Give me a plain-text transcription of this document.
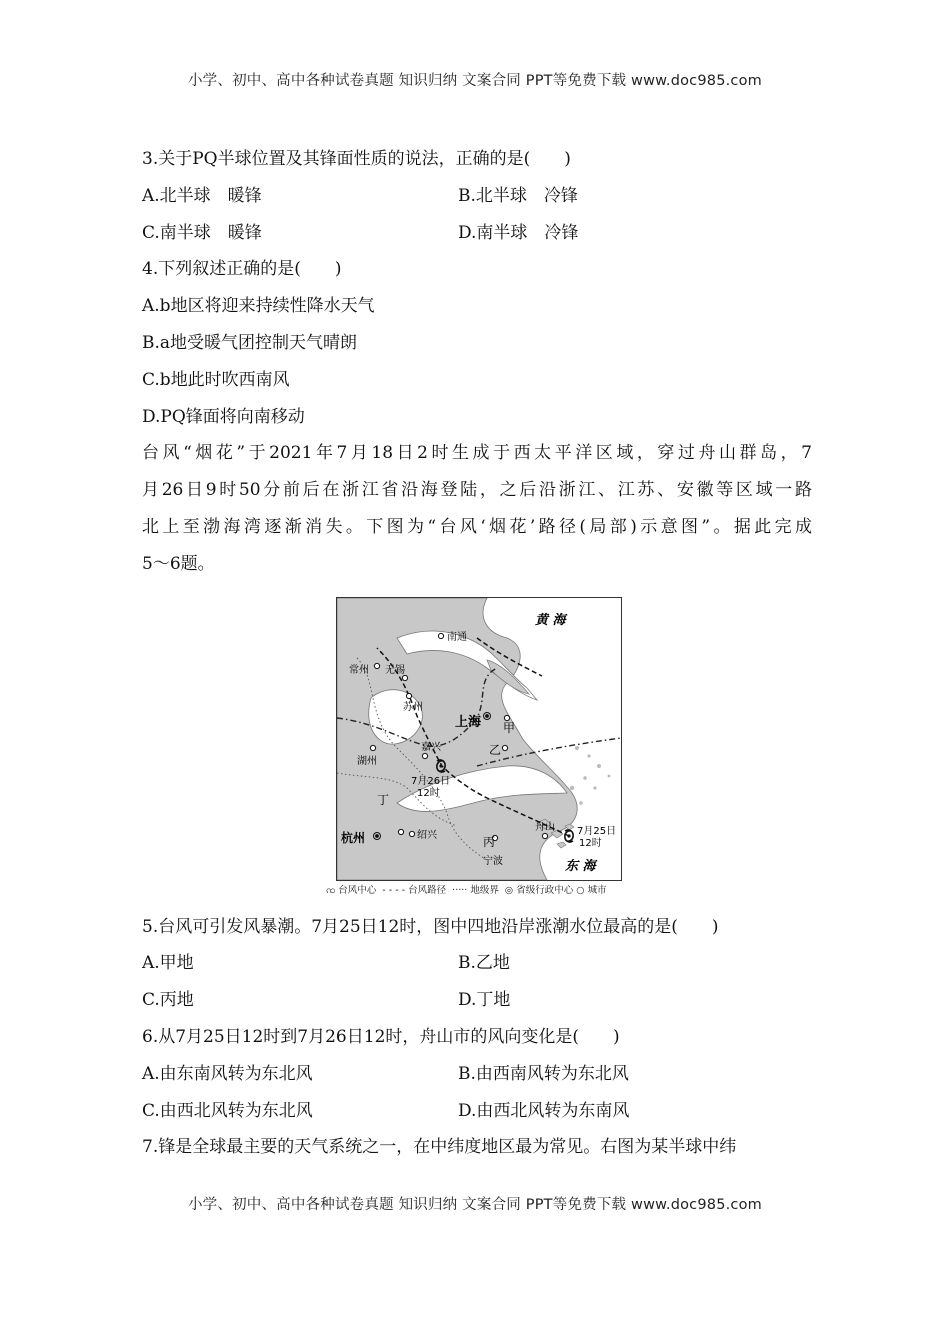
小学、初中、高中各种试卷真题 知识归纳 文案合同 PPT等免费下载 www.doc985.com
3.关于PQ半球位置及其锋面性质的说法，正确的是(　　)
A.北半球　暖锋	B.北半球　冷锋
C.南半球　暖锋	D.南半球　冷锋
4.下列叙述正确的是(　　)
A.b地区将迎来持续性降水天气
B.a地受暖气团控制天气晴朗
C.b地此时吹西南风
D.PQ锋面将向南移动
台风“烟花”于2021年7月18日2时生成于西太平洋区域，穿过舟山群岛，7
月26日9时50分前后在浙江省沿海登陆，之后沿浙江、江苏、安徽等区域一路
北上至渤海湾逐渐消失。下图为“台风‘烟花’路径(局部)示意图”。据此完成
5～6题。
黄 海
东 海
上海
杭州
南通
常州 无锡
苏州
湖州
嘉兴
绍兴
宁波
舟山
甲
乙
丙
丁
7月26日
12时
7月25日
12时
ꩡ 台风中心  - - - - 台风路径  ····· 地级界  ◎ 省级行政中心 ○ 城市
5.台风可引发风暴潮。7月25日12时，图中四地沿岸涨潮水位最高的是(　　)
A.甲地	B.乙地
C.丙地	D.丁地
6.从7月25日12时到7月26日12时，舟山市的风向变化是(　　)
A.由东南风转为东北风	B.由西南风转为东北风
C.由西北风转为东北风	D.由西北风转为东南风
7.锋是全球最主要的天气系统之一，在中纬度地区最为常见。右图为某半球中纬
小学、初中、高中各种试卷真题 知识归纳 文案合同 PPT等免费下载 www.doc985.com
